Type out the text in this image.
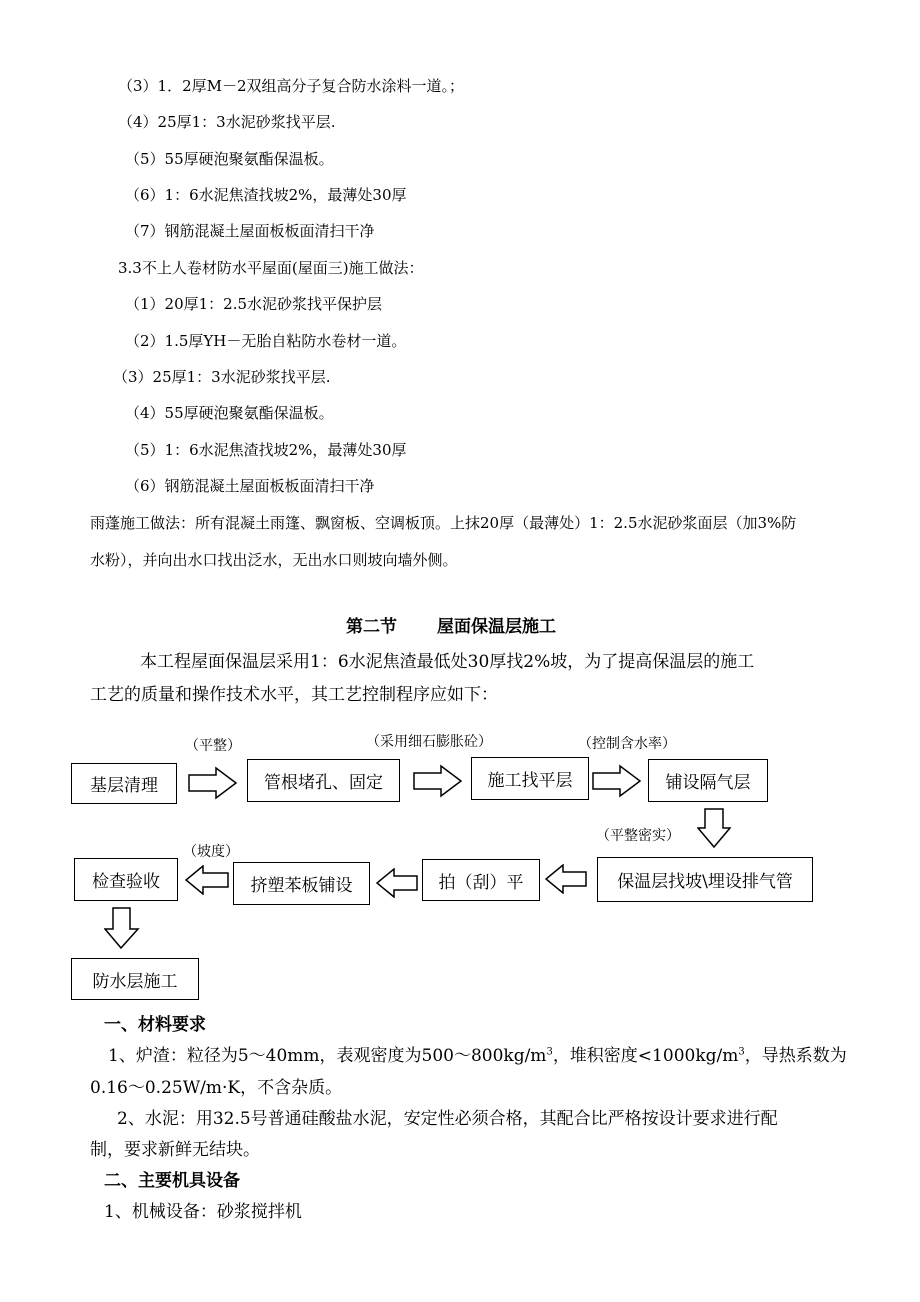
（3）1．2厚M－2双组高分子复合防水涂料一道。；
（4）25厚1：3水泥砂浆找平层.
（5）55厚硬泡聚氨酯保温板。
（6）1：6水泥焦渣找坡2%，最薄处30厚
（7）钢筋混凝土屋面板板面清扫干净
3.3不上人卷材防水平屋面(屋面三)施工做法：
（1）20厚1：2.5水泥砂浆找平保护层
（2）1.5厚YH－无胎自粘防水卷材一道。
（3）25厚1：3水泥砂浆找平层.
（4）55厚硬泡聚氨酯保温板。
（5）1：6水泥焦渣找坡2%，最薄处30厚
（6）钢筋混凝土屋面板板面清扫干净
雨蓬施工做法：所有混凝土雨篷、飘窗板、空调板顶。上抹20厚（最薄处）1：2.5水泥砂浆面层（加3%防
水粉），并向出水口找出泛水，无出水口则坡向墙外侧。
第二节 屋面保温层施工
本工程屋面保温层采用1：6水泥焦渣最低处30厚找2%坡，为了提高保温层的施工
工艺的质量和操作技术水平，其工艺控制程序应如下：
（平整）	（采用细石膨胀砼）	（控制含水率）
（平整密实）
（坡度）
基层清理	管根堵孔、固定	施工找平层	铺设隔气层
保温层找坡\埋设排气管
拍（刮）平
挤塑苯板铺设
检查验收
防水层施工
一、材料要求
1、炉渣：粒径为5～40mm，表观密度为$500\sim 800kg/m^3$，堆积密度$<1000kg/m^3$，导热系数为
0.16～0.25W/m·K，不含杂质。
2、水泥：用32.5号普通硅酸盐水泥，安定性必须合格，其配合比严格按设计要求进行配
制，要求新鲜无结块。
二、主要机具设备
1、机械设备：砂浆搅拌机
